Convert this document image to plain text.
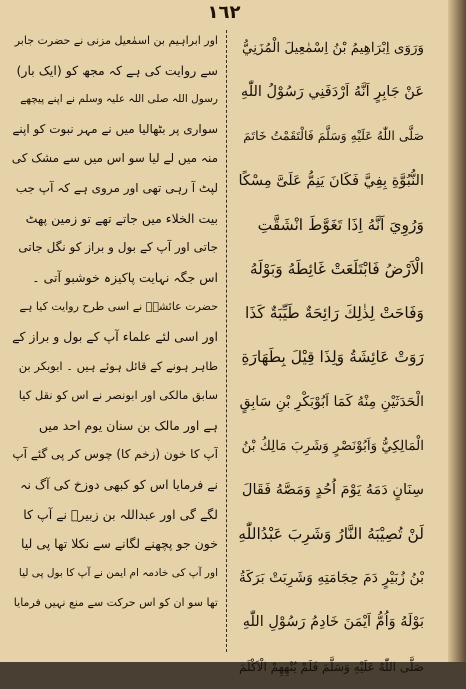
١٦٢
وَرَوَى اِبْرَاهِيمُ بْنُ اِسْمٰعِيلَ الْمُزَنِيُّ
عَنْ جَابِرٍ اَنَّهُ اَرْدَفَنِي رَسُوْلُ اللّٰهِ
صَلَّى اللّٰهُ عَلَيْهِ وَسَلَّمَ فَالْتَقَمْتُ خَاتَمَ
النُّبُوَّةِ بِفِيَّ فَكَانَ يَنِمُّ عَلَىَّ مِسْكًا
وَرُوِيَ اَنَّهُ اِذَا تَغَوَّطَ انْشَقَّتِ
الْاَرْضُ فَابْتَلَعَتْ غَائِطَهُ وَبَوْلَهُ
وَفَاحَتْ لِذٰلِكَ رَائِحَةٌ طَيِّبَةٌ كَذَا
رَوَتْ عَائِشَةُ وَلِذَا قِيْلَ بِطَهَارَةِ
الْحَدَثَيْنِ مِنْهُ كَمَا اَبُوْبَكْرِ بْنِ سَابِقٍ
الْمَالِكِيُّ وَاَبُوْنَصْرٍ وَشَرِبَ مَالِكُ بْنُ
سِنَانٍ دَمَهُ يَوْمَ اُحُدٍ وَمَصَّهُ فَقَالَ
لَنْ تُصِيْبَهُ النَّارُ وَشَرِبَ عَبْدُاللّٰهِ
بْنُ زُبَيْرٍ دَمَ حِجَامَتِهِ وَشَرِبَتْ بَرَكَةُ
بَوْلَهُ وَاُمُّ اَيْمَنَ خَادِمُ رَسُوْلِ اللّٰهِ
صَلَّى اللّٰهُ عَلَيْهِ وَسَلَّمَ فَلَمْ يُنْهِهِمْ الْاَكْلَمَ
اور ابراہیم بن اسمٰعیل مزنی نے حضرت جابر
سے روایت کی ہے کہ مجھ کو (ایک بار)
رسول اللہ صلی اللہ علیہ وسلم نے اپنے پیچھے
سواری پر بٹھالیا میں نے مہر نبوت کو اپنے
منہ میں لے لیا سو اس میں سے مشک کی
لپٹ آ رہی تھی اور مروی ہے کہ آپ جب
بیت الخلاء میں جاتے تھے تو زمین پھٹ
جاتی اور آپ کے بول و براز کو نگل جاتی
اس جگہ نہایت پاکیزہ خوشبو آتی ۔
حضرت عائشہؓ نے اسی طرح روایت کیا ہے
اور اسی لئے علماء آپ کے بول و براز کے
طاہر ہونے کے قائل ہوئے ہیں ۔ ابوبکر بن
سابق مالکی اور ابونصر نے اس کو نقل کیا
ہے اور مالک بن سنان یوم احد میں
آپ کا خون (زخم کا) چوس کر پی گئے آپ
نے فرمایا اس کو کبھی دوزخ کی آگ نہ
لگے گی اور عبداللہ بن زبیرؓ نے آپ کا
خون جو پچھنے لگانے سے نکلا تھا پی لیا
اور آپ کی خادمہ ام ایمن نے آپ کا بول پی لیا
تھا سو ان کو اس حرکت سے منع نہیں فرمایا
